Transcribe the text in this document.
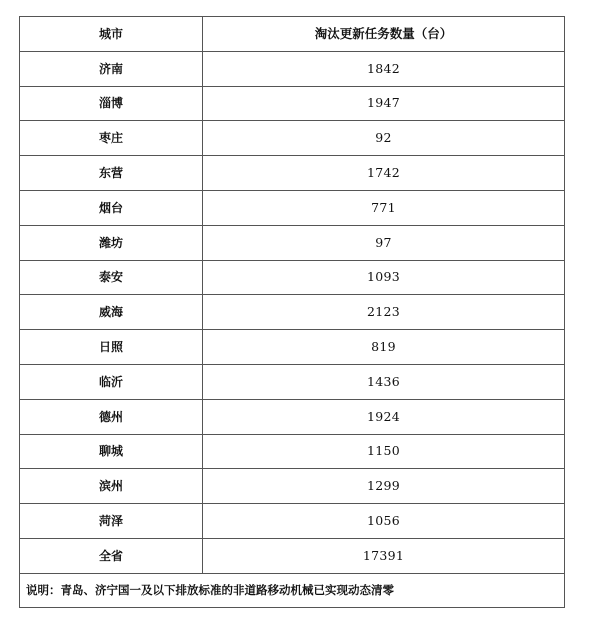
城市	淘汰更新任务数量（台）
济南	1842
淄博	1947
枣庄	92
东营	1742
烟台	771
潍坊	97
泰安	1093
威海	2123
日照	819
临沂	1436
德州	1924
聊城	1150
滨州	1299
菏泽	1056
全省	17391
说明：青岛、济宁国一及以下排放标准的非道路移动机械已实现动态清零	
